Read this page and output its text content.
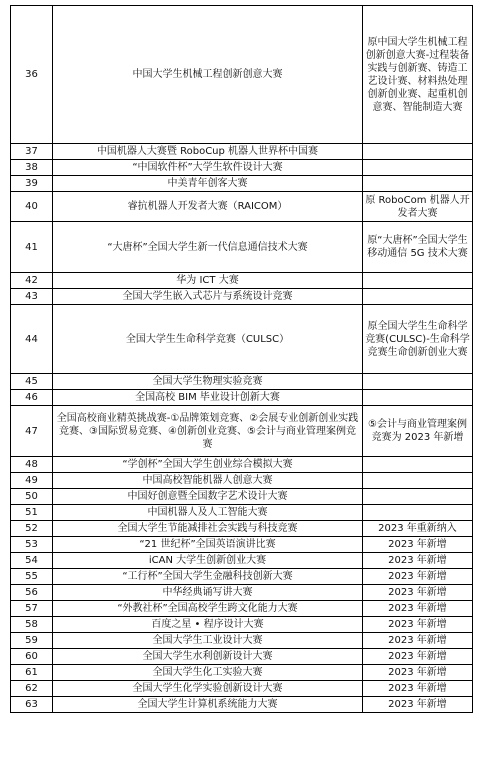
36	中国大学生机械工程创新创意大赛	原中国大学生机械工程创新创意大赛-过程装备实践与创新赛、铸造工艺设计赛、材料热处理创新创业赛、起重机创意赛、智能制造大赛
37	中国机器人大赛暨 RoboCup 机器人世界杯中国赛	
38	“中国软件杯”大学生软件设计大赛	
39	中美青年创客大赛	
40	睿抗机器人开发者大赛（RAICOM）	原 RoboCom 机器人开发者大赛
41	“大唐杯”全国大学生新一代信息通信技术大赛	原“大唐杯”全国大学生移动通信 5G 技术大赛
42	华为 ICT 大赛	
43	全国大学生嵌入式芯片与系统设计竞赛	
44	全国大学生生命科学竞赛（CULSC）	原全国大学生生命科学竞赛(CULSC)-生命科学竞赛生命创新创业大赛
45	全国大学生物理实验竞赛	
46	全国高校 BIM 毕业设计创新大赛	
47	全国高校商业精英挑战赛-①品牌策划竞赛、②会展专业创新创业实践竞赛、③国际贸易竞赛、④创新创业竞赛、⑤会计与商业管理案例竞赛	⑤会计与商业管理案例竞赛为 2023 年新增
48	“学创杯”全国大学生创业综合模拟大赛	
49	中国高校智能机器人创意大赛	
50	中国好创意暨全国数字艺术设计大赛	
51	中国机器人及人工智能大赛	
52	全国大学生节能减排社会实践与科技竞赛	2023 年重新纳入
53	“21 世纪杯”全国英语演讲比赛	2023 年新增
54	iCAN 大学生创新创业大赛	2023 年新增
55	“工行杯”全国大学生金融科技创新大赛	2023 年新增
56	中华经典诵写讲大赛	2023 年新增
57	“外教社杯”全国高校学生跨文化能力大赛	2023 年新增
58	百度之星 • 程序设计大赛	2023 年新增
59	全国大学生工业设计大赛	2023 年新增
60	全国大学生水利创新设计大赛	2023 年新增
61	全国大学生化工实验大赛	2023 年新增
62	全国大学生化学实验创新设计大赛	2023 年新增
63	全国大学生计算机系统能力大赛	2023 年新增
